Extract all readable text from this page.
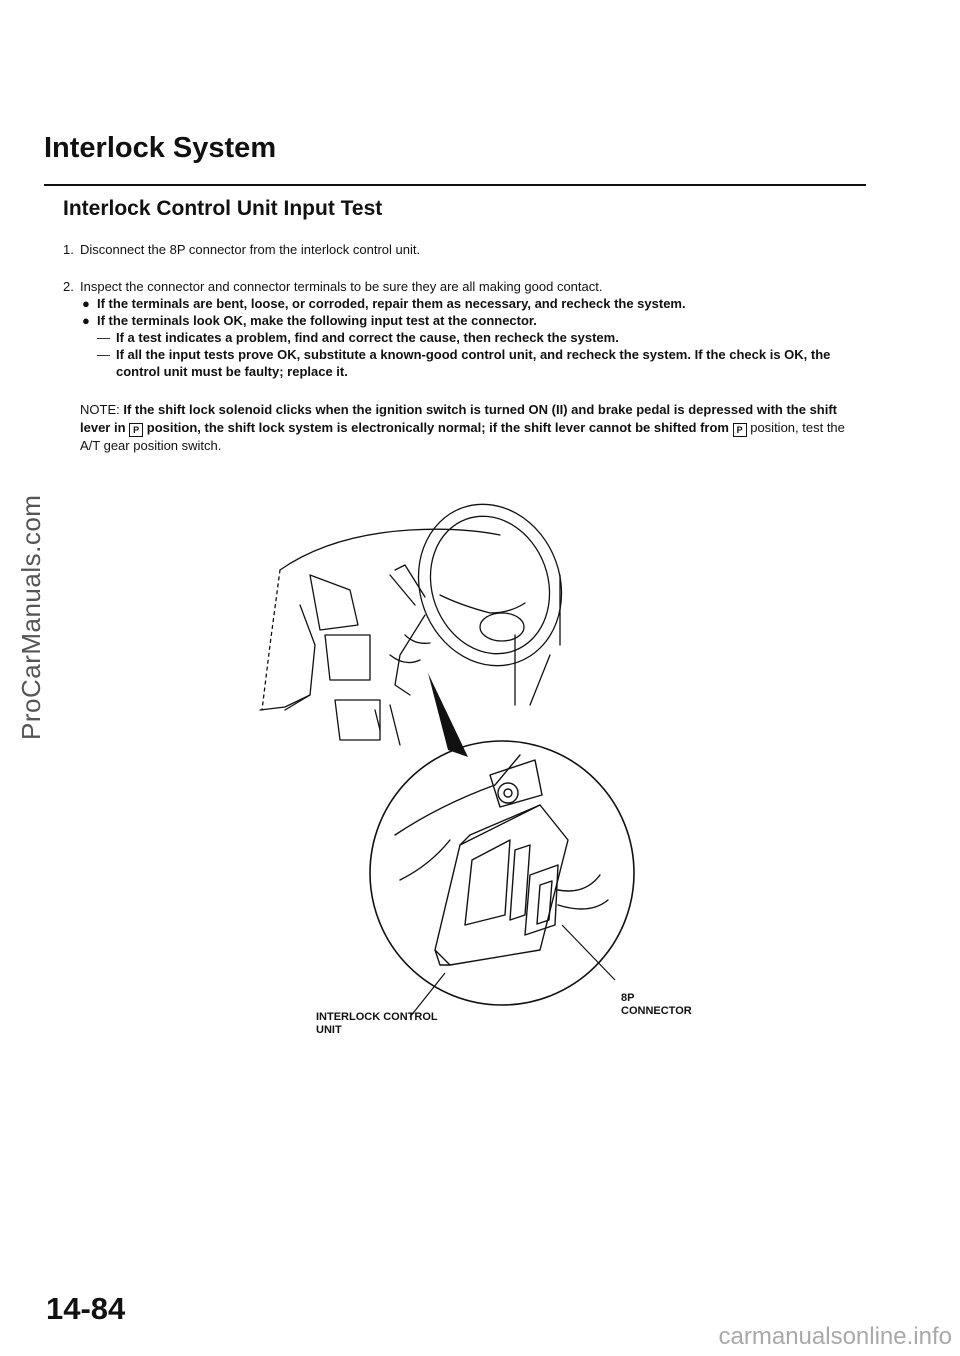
ProCarManuals.com
Interlock System
Interlock Control Unit Input Test

1. Disconnect the 8P connector from the interlock control unit.

2. Inspect the connector and connector terminals to be sure they are all making good contact.

● If the terminals are bent, loose, or corroded, repair them as necessary, and recheck the system.

● If the terminals look OK, make the following input test at the connector.

— If a test indicates a problem, find and correct the cause, then recheck the system.

— If all the input tests prove OK, substitute a known-good control unit, and recheck the system. If the check is OK, the control unit must be faulty; replace it.

NOTE: If the shift lock solenoid clicks when the ignition switch is turned ON (II) and brake pedal is depressed with the shift lever in P position, the shift lock system is electronically normal; if the shift lever cannot be shifted from P position, test the A/T gear position switch.
8P CONNECTOR
INTERLOCK CONTROL
UNIT
14-84
carmanualsonline.info
